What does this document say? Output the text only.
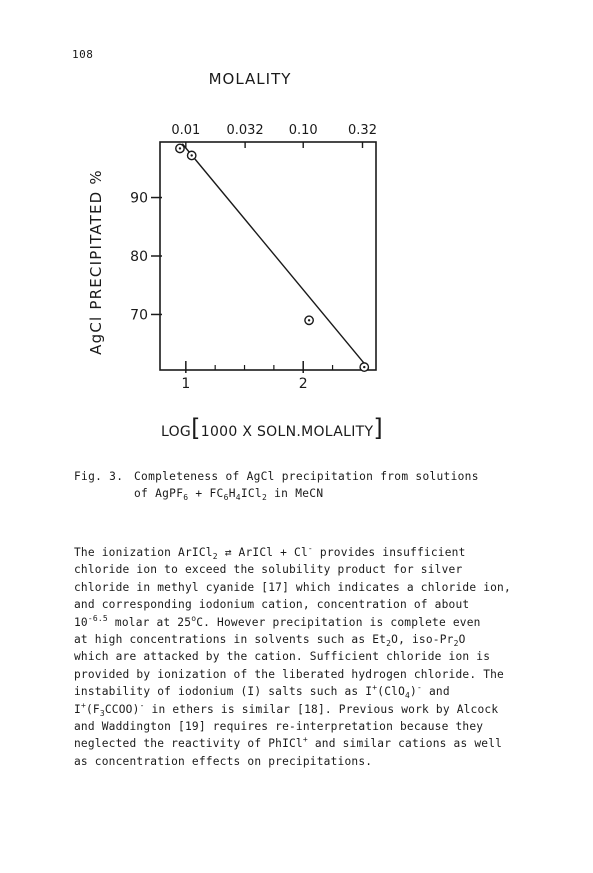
108
MOLALITY
70
80
90
1	2
0.01 0.032 0.10 0.32
AgCl PRECIPITATED %
LOG[1000 X SOLN.MOLALITY]
Fig. 3. Completeness of AgCl precipitation from solutions
of AgPF$_6$ + $FC_6H_4ICl_2$ in MeCN
The ionization ArICl$_2$ ⇄ ArICl + Cl- provides insufficient
chloride ion to exceed the solubility product for silver
chloride in methyl cyanide [17] which indicates a chloride ion,
and corresponding iodonium cation, concentration of about
$10^{-6.5}$ molar at 25$^o$C. However precipitation is complete even
at high concentrations in solvents such as $Et_2O$, iso-$Pr_2O$
which are attacked by the cation. Sufficient chloride ion is
provided by ionization of the liberated hydrogen chloride. The
instability of iodonium (I) salts such as I+(ClO$_4$)- and
$I^+(F_3CCOO)^-$ in ethers is similar [18]. Previous work by Alcock
and Waddington [19] requires re-interpretation because they
neglected the reactivity of PhICl+ and similar cations as well
as concentration effects on precipitations.
